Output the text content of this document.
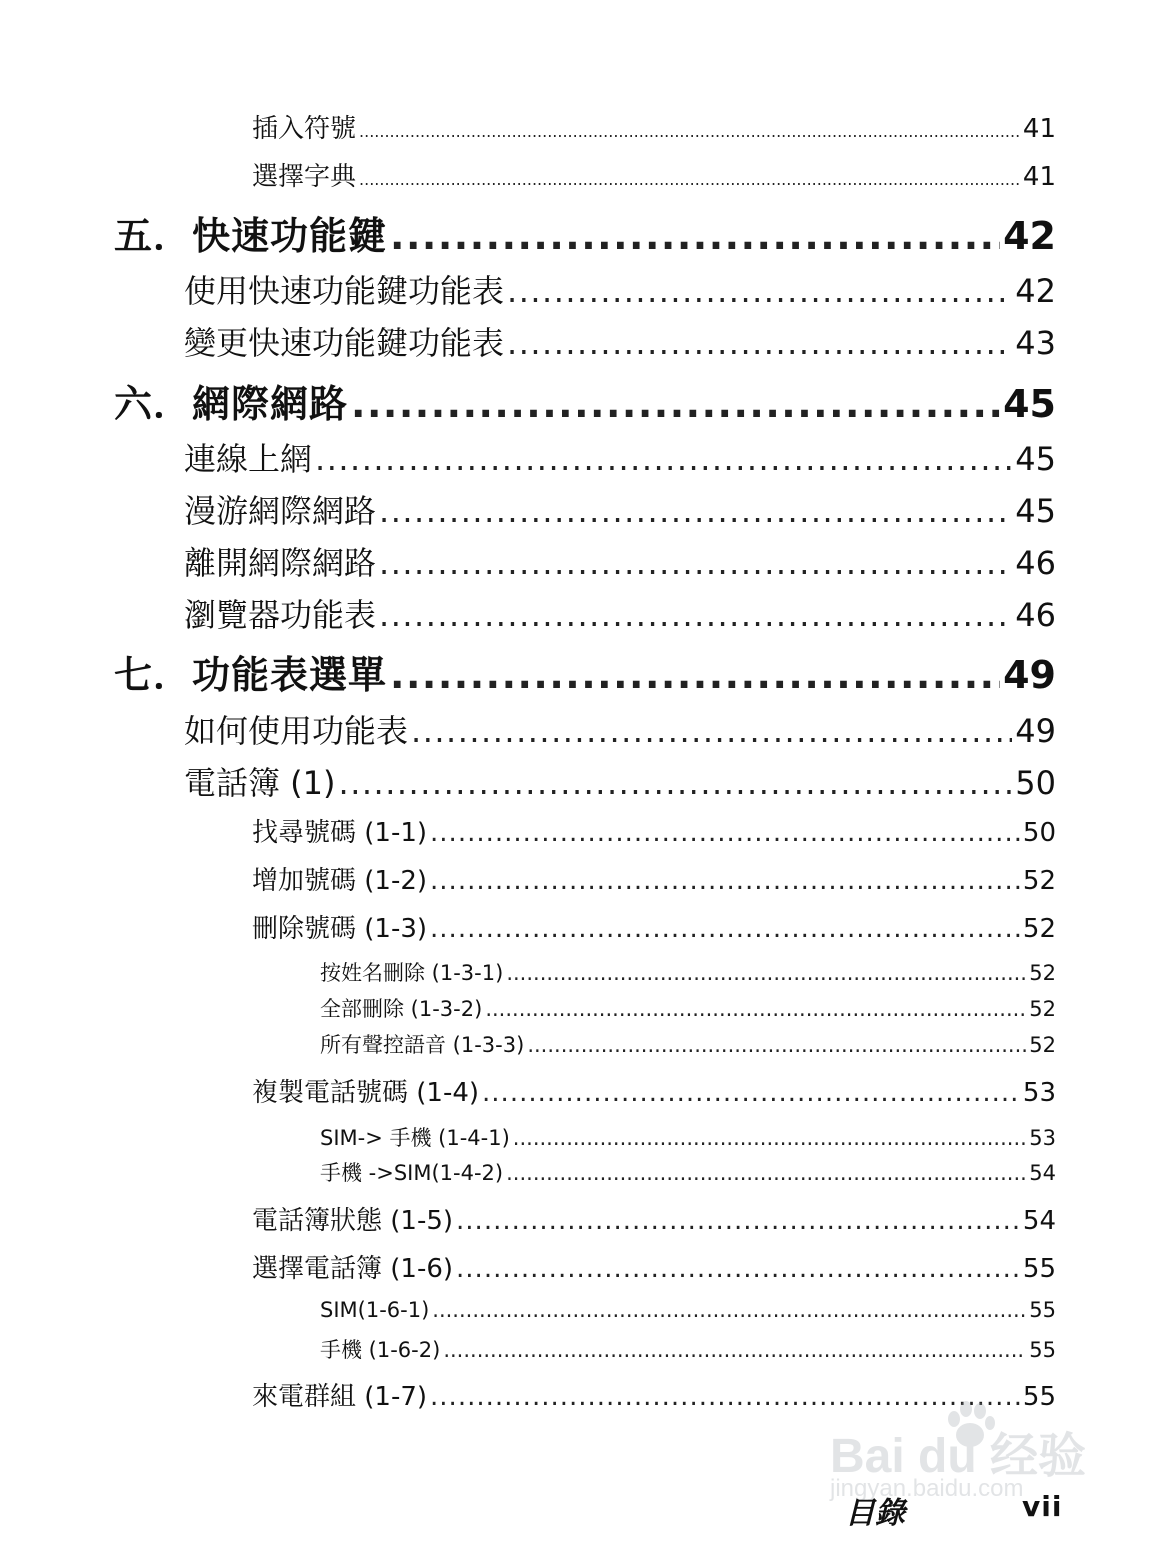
插入符號 .....	41
選擇字典 .....	41
五．快速功能鍵 .....	42
使用快速功能鍵功能表 .....	42
變更快速功能鍵功能表 .....	43
六．網際網路 .....	45
連線上網 .....	45
漫游網際網路 .....	45
離開網際網路 .....	46
瀏覽器功能表 .....	46
七．功能表選單 .....	49
如何使用功能表 .....	49
電話簿 (1) .....	50
找尋號碼 (1-1) .....	50
增加號碼 (1-2) .....	52
刪除號碼 (1-3) .....	52
按姓名刪除 (1-3-1) .....	52
全部刪除 (1-3-2) .....	52
所有聲控語音 (1-3-3) .....	52
複製電話號碼 (1-4) .....	53
SIM-> 手機 (1-4-1) .....	53
手機 ->SIM(1-4-2) .....	54
電話簿狀態 (1-5) .....	54
選擇電話簿 (1-6) .....	55
SIM(1-6-1) .....	55
手機 (1-6-2) .....	55
來電群組 (1-7) .....	55
Bai du 经验
jingyan.baidu.com
目錄	vii
